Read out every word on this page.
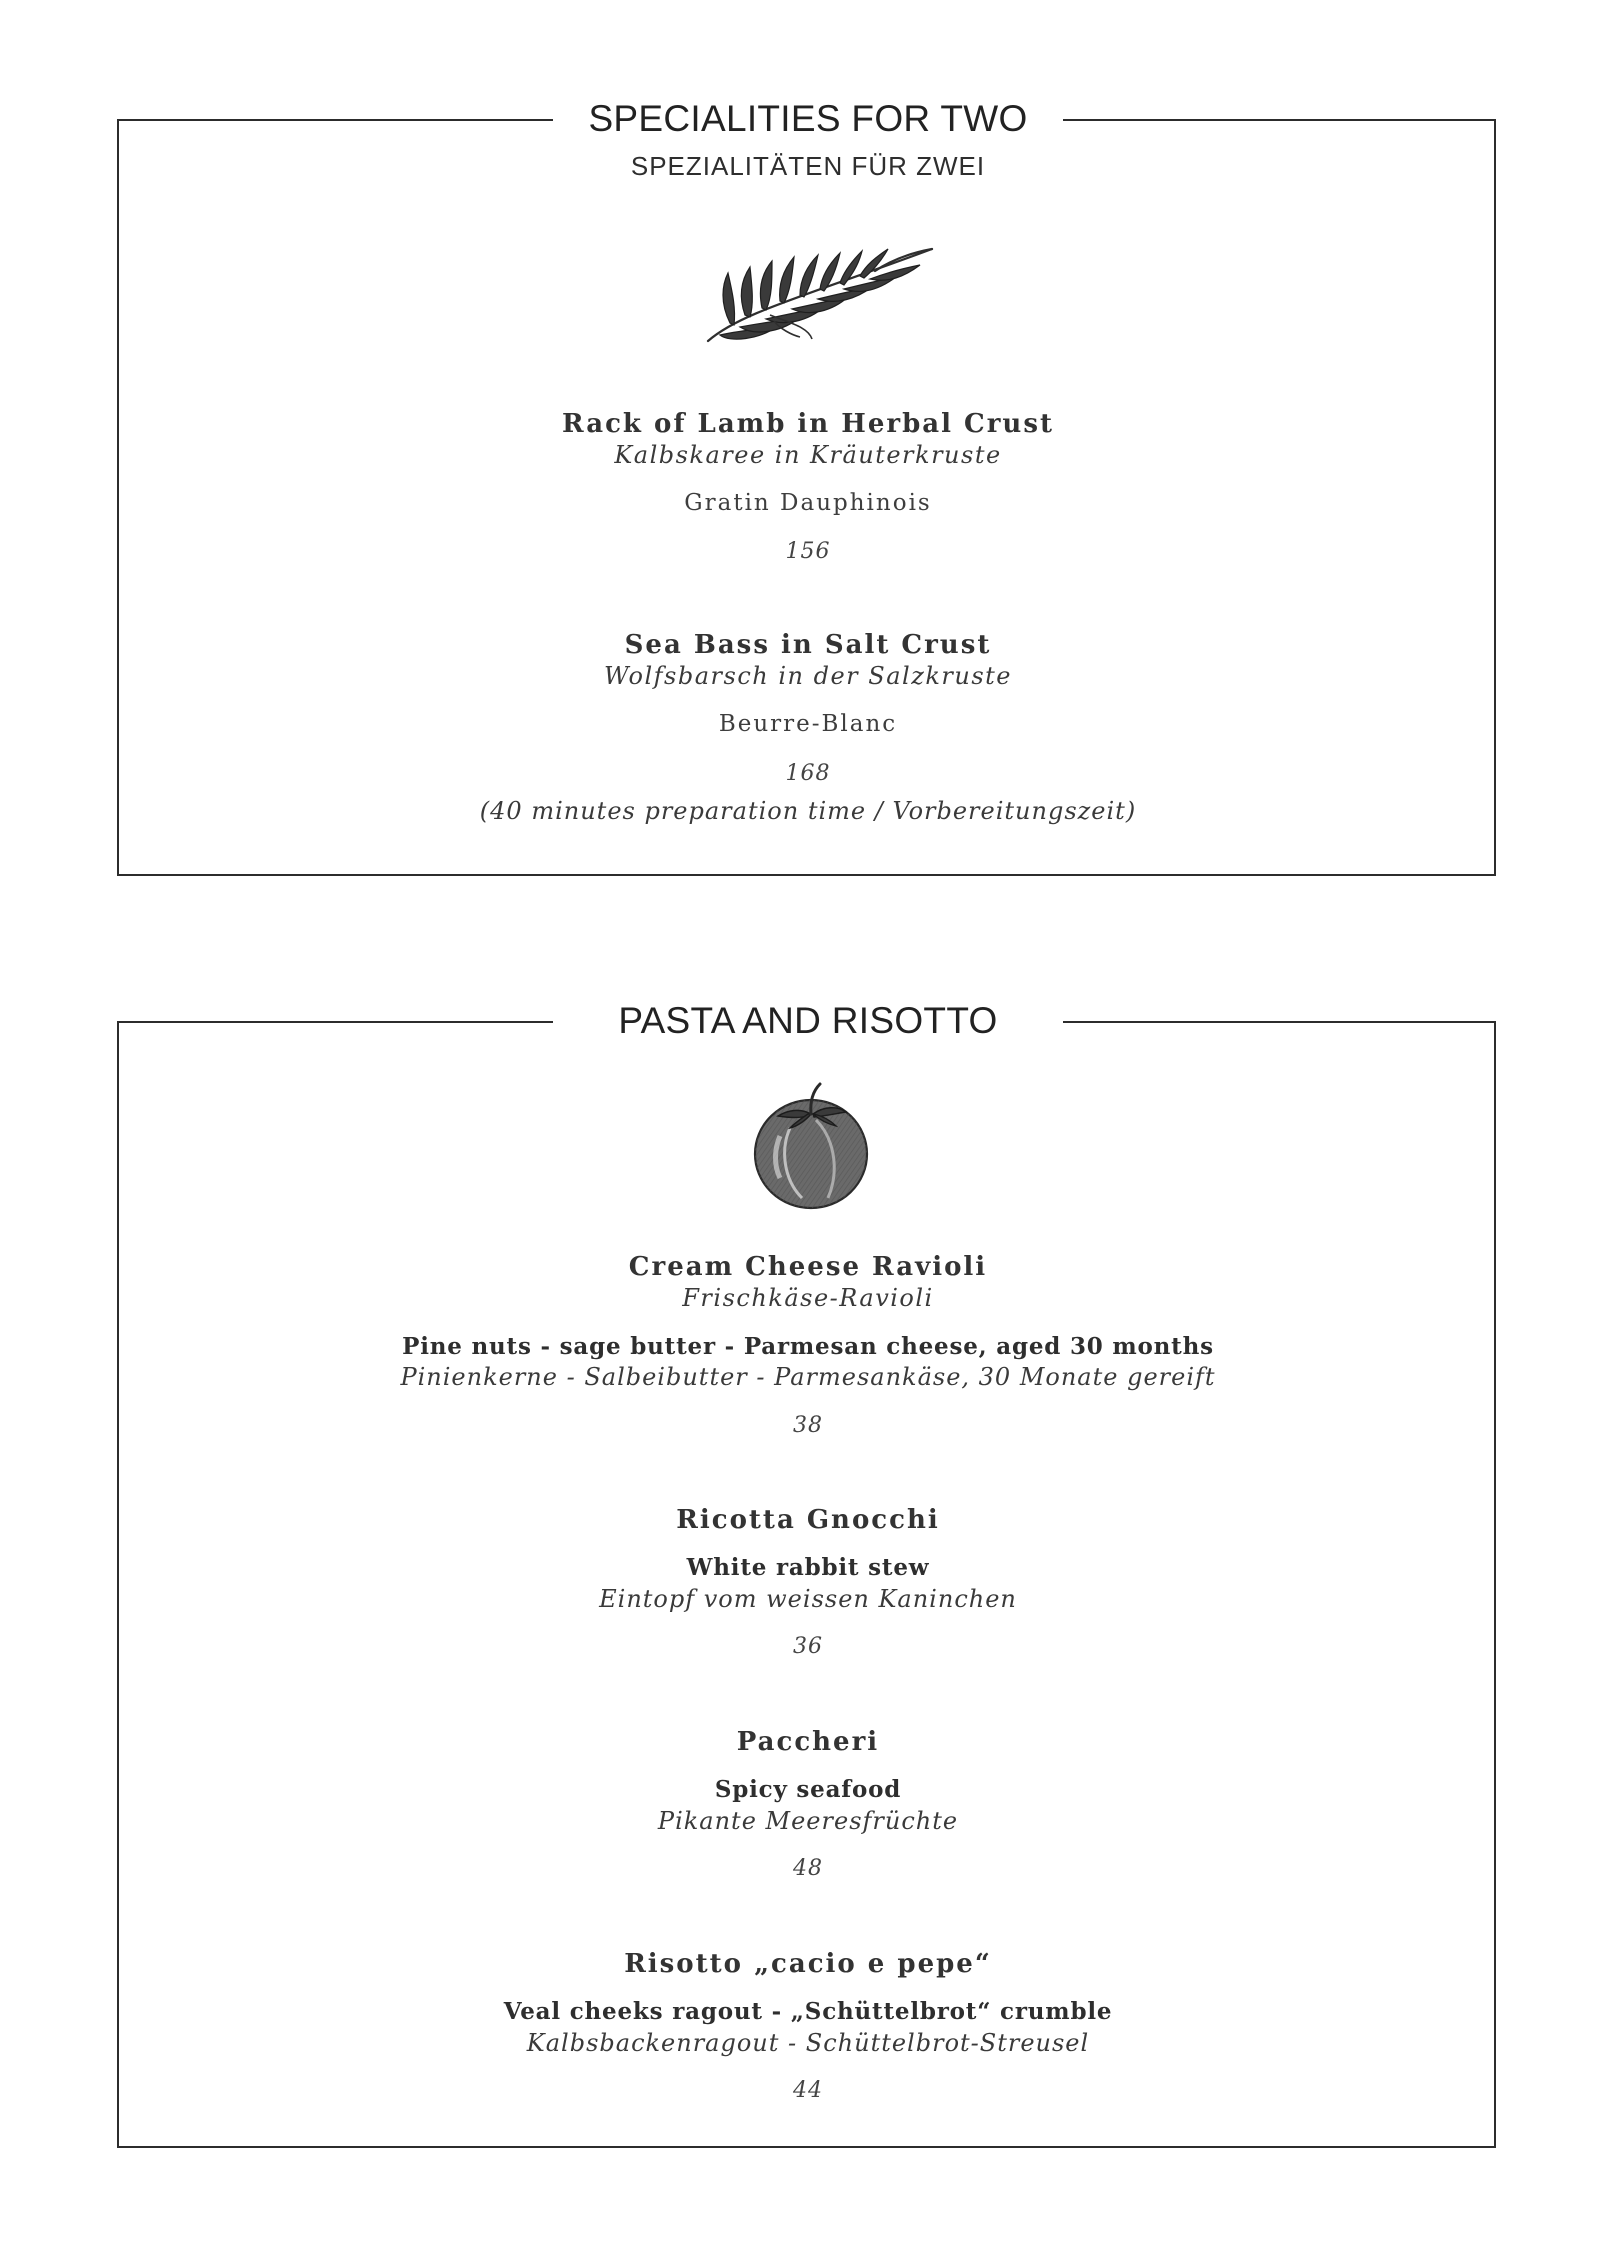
SPECIALITIES FOR TWO
SPEZIALITÄTEN FÜR ZWEI
Rack of Lamb in Herbal Crust
Kalbskaree in Kräuterkruste
Gratin Dauphinois
156
Sea Bass in Salt Crust
Wolfsbarsch in der Salzkruste
Beurre-Blanc
168
(40 minutes preparation time / Vorbereitungszeit)
PASTA AND RISOTTO
Cream Cheese Ravioli
Frischkäse-Ravioli
Pine nuts - sage butter - Parmesan cheese, aged 30 months
Pinienkerne - Salbeibutter - Parmesankäse, 30 Monate gereift
38
Ricotta Gnocchi
White rabbit stew
Eintopf vom weissen Kaninchen
36
Paccheri
Spicy seafood
Pikante Meeresfrüchte
48
Risotto „cacio e pepe“
Veal cheeks ragout - „Schüttelbrot“ crumble
Kalbsbackenragout - Schüttelbrot-Streusel
44
